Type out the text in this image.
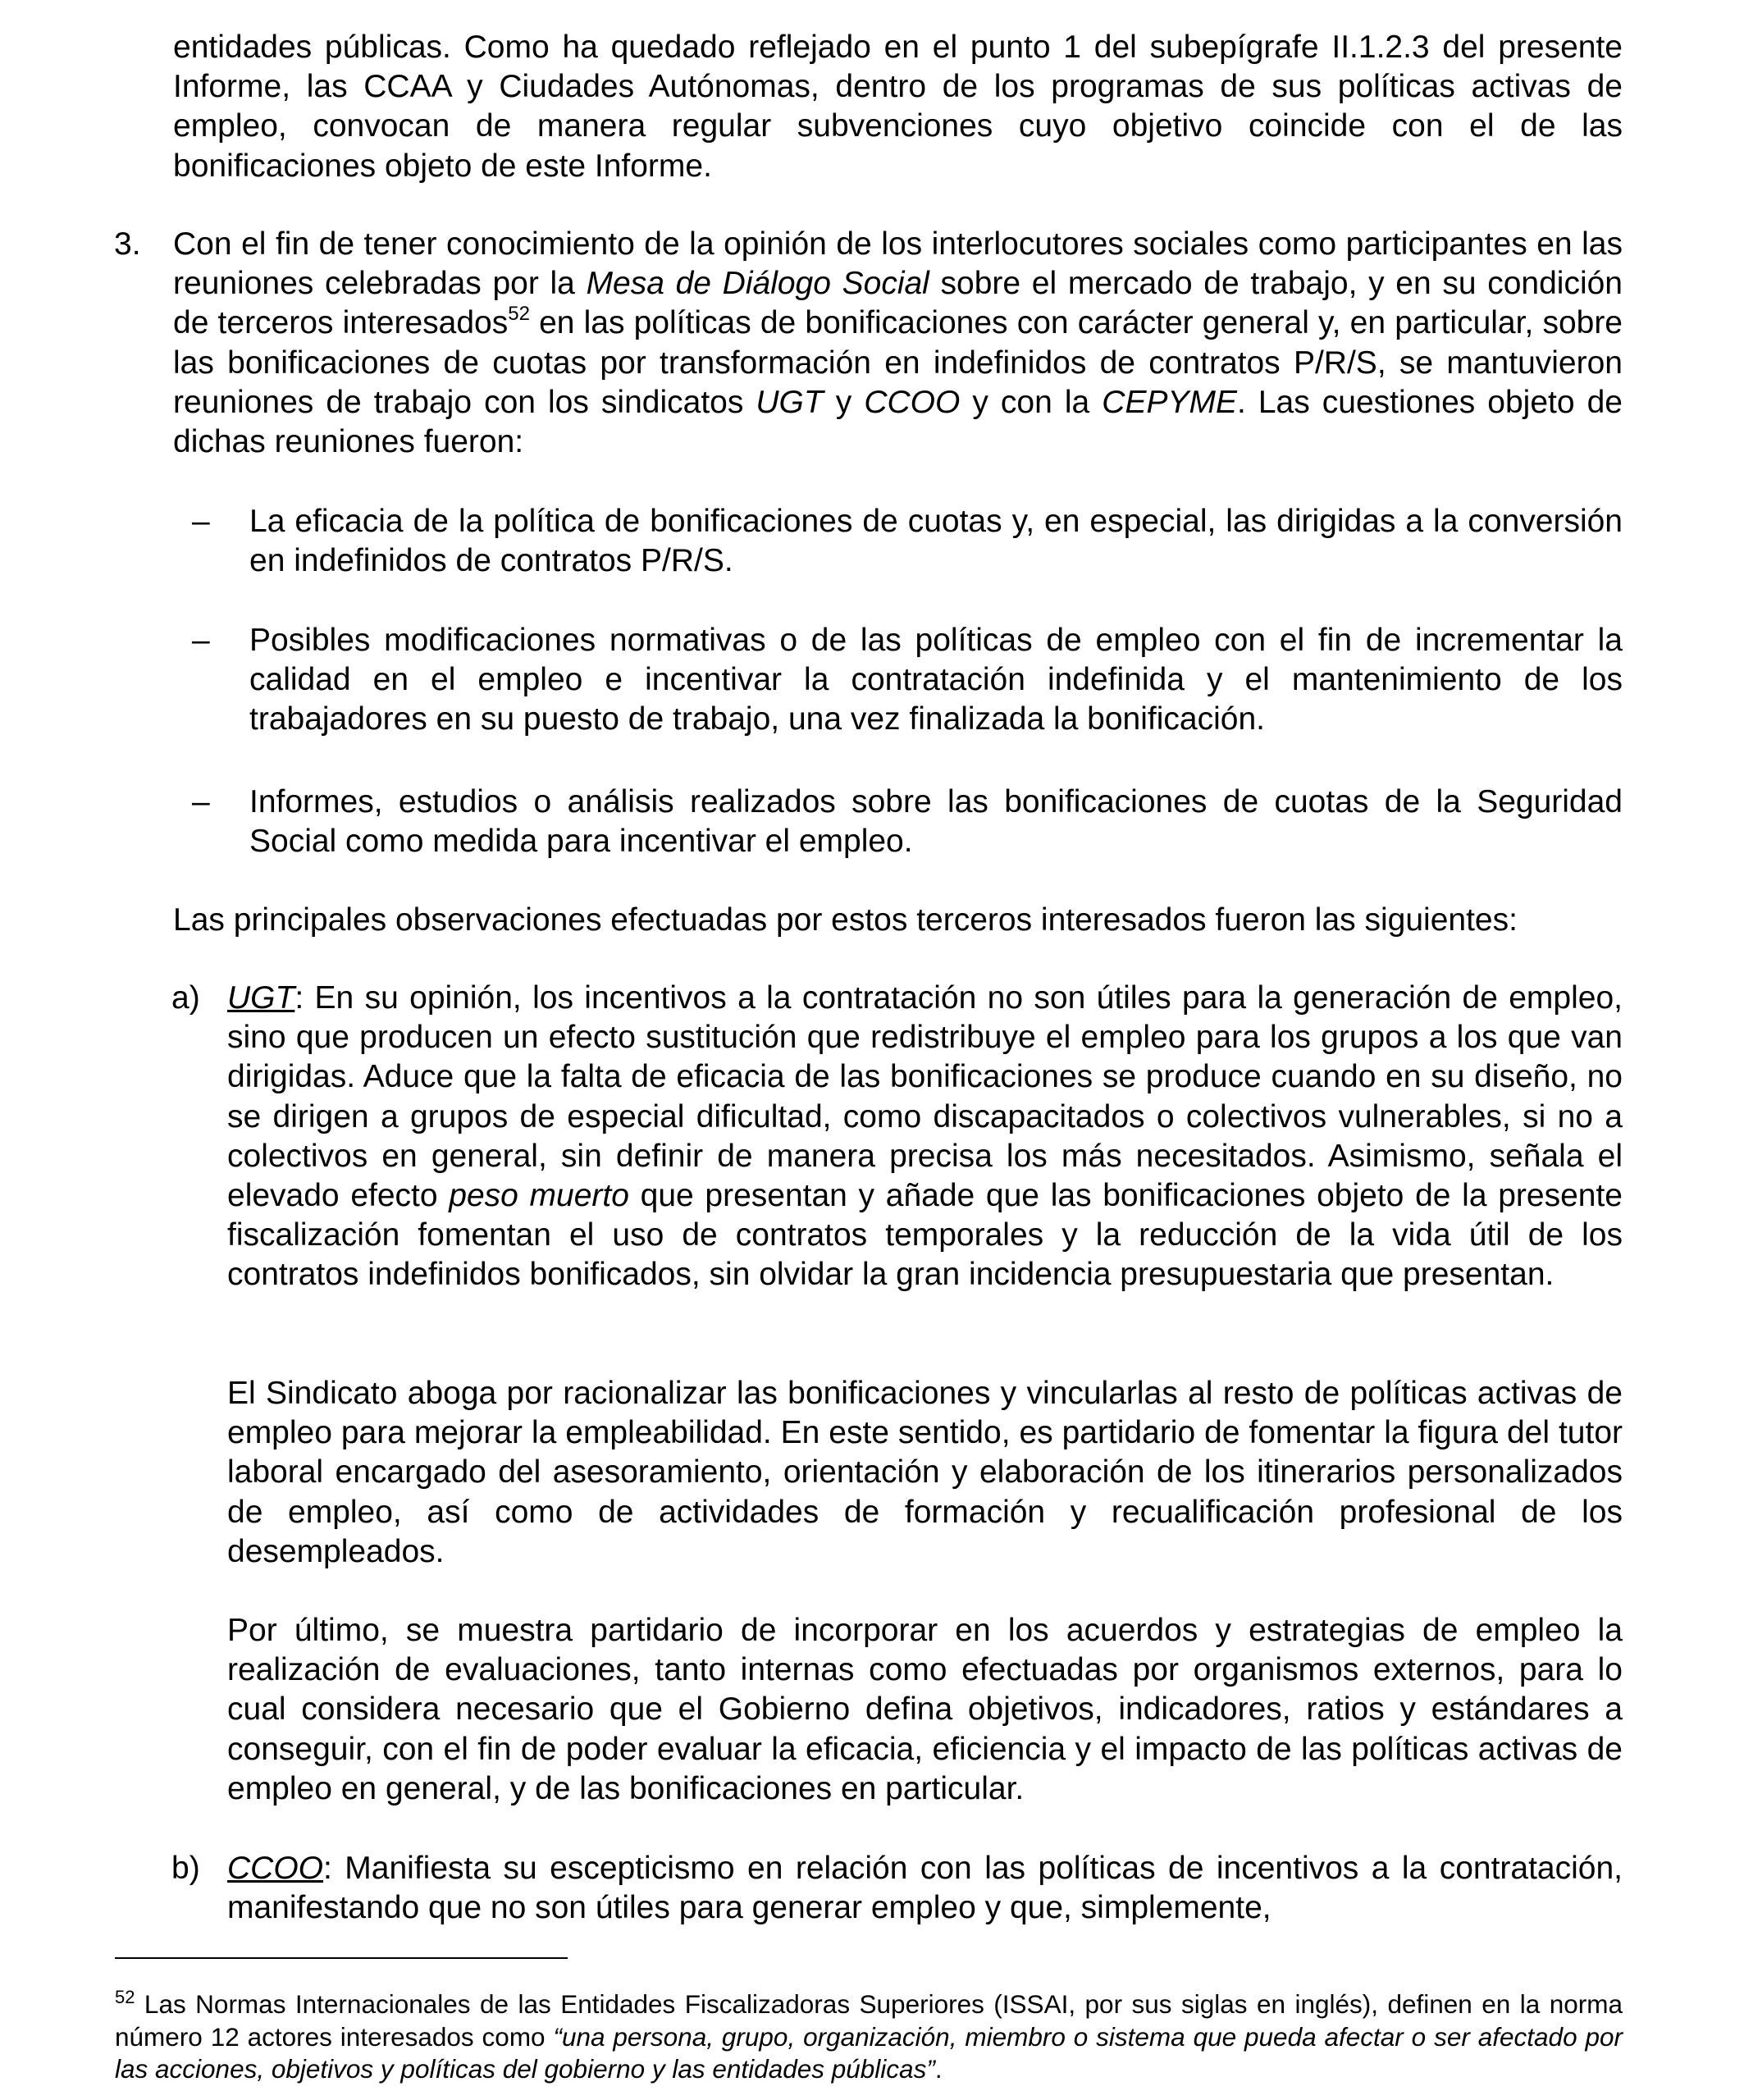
entidades públicas. Como ha quedado reflejado en el punto 1 del subepígrafe II.1.2.3 del presente Informe, las CCAA y Ciudades Autónomas, dentro de los programas de sus políticas activas de empleo, convocan de manera regular subvenciones cuyo objetivo coincide con el de las bonificaciones objeto de este Informe.

3. Con el fin de tener conocimiento de la opinión de los interlocutores sociales como participantes en las reuniones celebradas por la Mesa de Diálogo Social sobre el mercado de trabajo, y en su condición de terceros interesados$^{52}$ en las políticas de bonificaciones con carácter general y, en particular, sobre las bonificaciones de cuotas por transformación en indefinidos de contratos P/R/S, se mantuvieron reuniones de trabajo con los sindicatos UGT y CCOO y con la CEPYME. Las cuestiones objeto de dichas reuniones fueron:

– La eficacia de la política de bonificaciones de cuotas y, en especial, las dirigidas a la conversión en indefinidos de contratos P/R/S.

– Posibles modificaciones normativas o de las políticas de empleo con el fin de incrementar la calidad en el empleo e incentivar la contratación indefinida y el mantenimiento de los trabajadores en su puesto de trabajo, una vez finalizada la bonificación.

– Informes, estudios o análisis realizados sobre las bonificaciones de cuotas de la Seguridad Social como medida para incentivar el empleo.

Las principales observaciones efectuadas por estos terceros interesados fueron las siguientes:

a) UGT: En su opinión, los incentivos a la contratación no son útiles para la generación de empleo, sino que producen un efecto sustitución que redistribuye el empleo para los grupos a los que van dirigidas. Aduce que la falta de eficacia de las bonificaciones se produce cuando en su diseño, no se dirigen a grupos de especial dificultad, como discapacitados o colectivos vulnerables, si no a colectivos en general, sin definir de manera precisa los más necesitados. Asimismo, señala el elevado efecto peso muerto que presentan y añade que las bonificaciones objeto de la presente fiscalización fomentan el uso de contratos temporales y la reducción de la vida útil de los contratos indefinidos bonificados, sin olvidar la gran incidencia presupuestaria que presentan.

El Sindicato aboga por racionalizar las bonificaciones y vincularlas al resto de políticas activas de empleo para mejorar la empleabilidad. En este sentido, es partidario de fomentar la figura del tutor laboral encargado del asesoramiento, orientación y elaboración de los itinerarios personalizados de empleo, así como de actividades de formación y recualificación profesional de los desempleados.

Por último, se muestra partidario de incorporar en los acuerdos y estrategias de empleo la realización de evaluaciones, tanto internas como efectuadas por organismos externos, para lo cual considera necesario que el Gobierno defina objetivos, indicadores, ratios y estándares a conseguir, con el fin de poder evaluar la eficacia, eficiencia y el impacto de las políticas activas de empleo en general, y de las bonificaciones en particular.

b) CCOO: Manifiesta su escepticismo en relación con las políticas de incentivos a la contratación, manifestando que no son útiles para generar empleo y que, simplemente,

$^{52}$ Las Normas Internacionales de las Entidades Fiscalizadoras Superiores (ISSAI, por sus siglas en inglés), definen en la norma número 12 actores interesados como “una persona, grupo, organización, miembro o sistema que pueda afectar o ser afectado por las acciones, objetivos y políticas del gobierno y las entidades públicas”.
